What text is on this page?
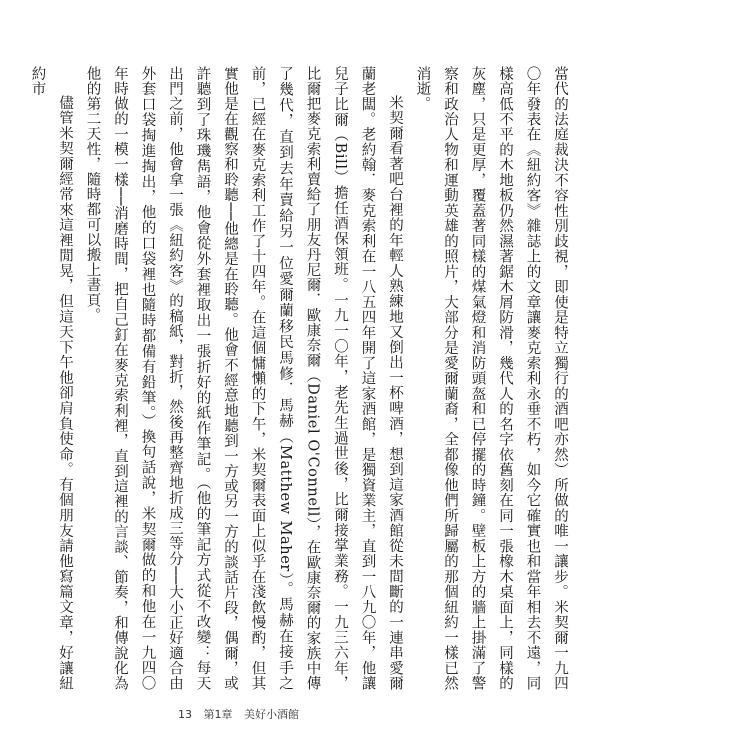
當代的法庭裁決不容性別歧視，即使是特立獨行的酒吧亦然）所做的唯一讓步。米契爾一九四〇年發表在《紐約客》雜誌上的文章讓麥克索利永垂不朽，如今它確實也和當年相去不遠，同樣高低不平的木地板仍然濕著鋸木屑防滑，幾代人的名字依舊刻在同一張橡木桌面上，同樣的灰塵，只是更厚，覆蓋著同樣的煤氣燈和消防頭盔和已停擺的時鐘。壁板上方的牆上掛滿了警察和政治人物和運動英雄的照片，大部分是愛爾蘭裔，全都像他們所歸屬的那個紐約一樣已然消逝。

米契爾看著吧台裡的年輕人熟練地又倒出一杯啤酒，想到這家酒館從未間斷的一連串愛爾蘭老闆。老約翰．麥克索利在一八五四年開了這家酒館，是獨資業主，直到一八九〇年，他讓兒子比爾（Bill）擔任酒保領班。一九一〇年，老先生過世後，比爾接掌業務。一九三六年，比爾把麥克索利賣給了朋友丹尼爾．歐康奈爾（Daniel O'Connell），在歐康奈爾的家族中傳了幾代，直到去年賣給另一位愛爾蘭移民馬修．馬赫（Matthew Maher）。馬赫在接手之前，已經在麥克索利工作了十四年。在這個慵懶的下午，米契爾表面上似乎在淺飲慢酌，但其實他是在觀察和聆聽──他總是在聆聽。他會不經意地聽到一方或另一方的談話片段，偶爾，或許聽到了珠璣雋語，他會從外套裡取出一張折好的紙作筆記。（他的筆記方式從不改變：每天出門之前，他會拿一張《紐約客》的稿紙，對折，然後再整齊地折成三等分──大小正好適合由外套口袋掏進掏出，他的口袋裡也隨時都備有鉛筆。）換句話說，米契爾做的和他在一九四〇年時做的一模一樣──消磨時間，把自己釘在麥克索利裡，直到這裡的言談、節奏，和傳說化為他的第二天性，隨時都可以搬上書頁。

儘管米契爾經常來這裡閒晃，但這天下午他卻肩負使命。有個朋友請他寫篇文章，好讓紐約市

13 第1章 美好小酒館
